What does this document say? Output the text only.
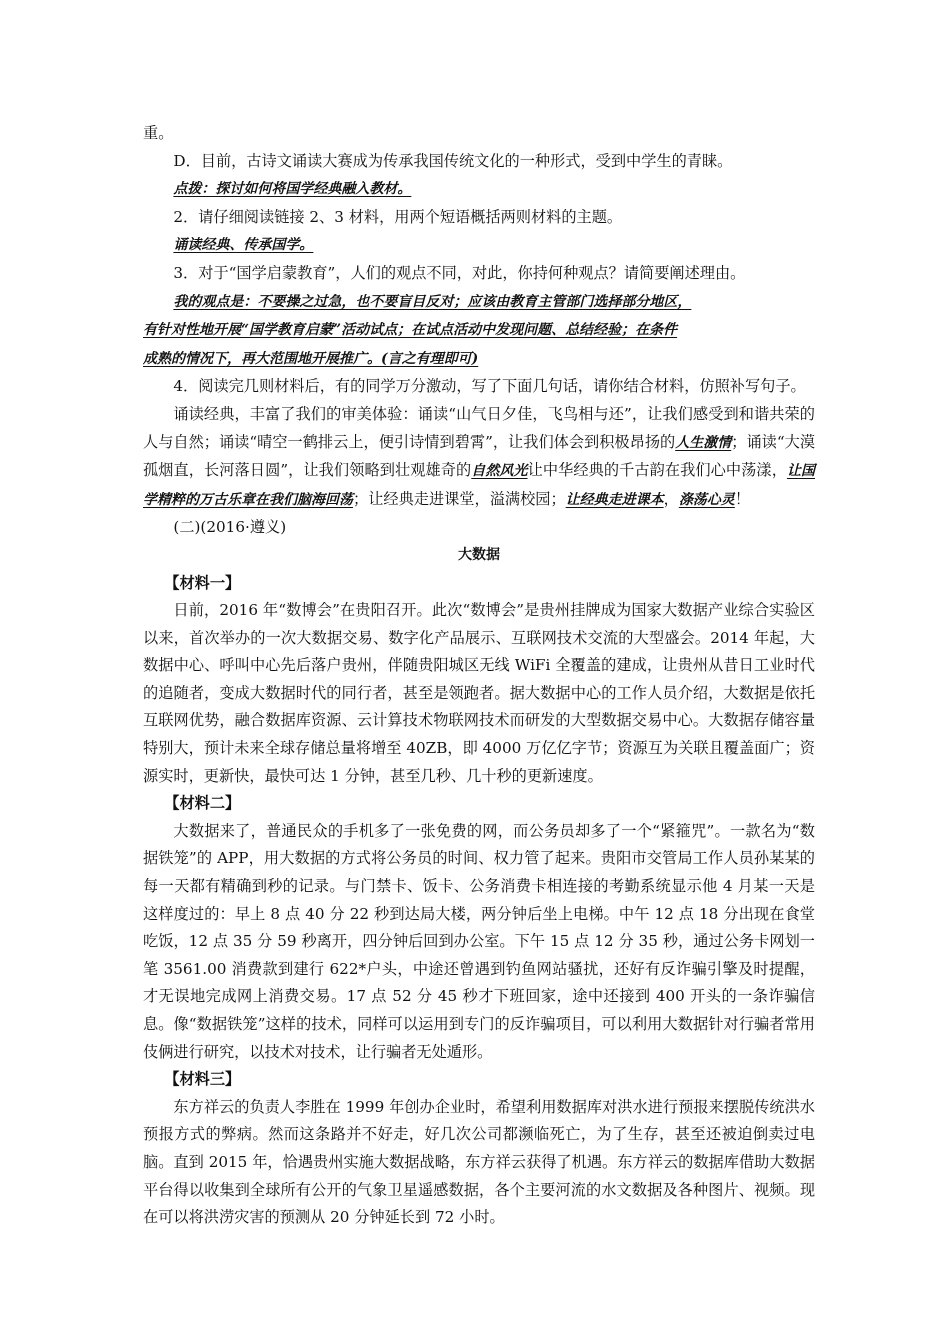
重。

D．目前，古诗文诵读大赛成为传承我国传统文化的一种形式，受到中学生的青睐。

点拨：探讨如何将国学经典融入教材。

2．请仔细阅读链接 2、3 材料，用两个短语概括两则材料的主题。

诵读经典、传承国学。

3．对于“国学启蒙教育”，人们的观点不同，对此，你持何种观点？请简要阐述理由。

我的观点是：不要操之过急，也不要盲目反对；应该由教育主管部门选择部分地区，

有针对性地开展“国学教育启蒙”活动试点；在试点活动中发现问题、总结经验；在条件

成熟的情况下，再大范围地开展推广。(言之有理即可)

4．阅读完几则材料后，有的同学万分激动，写了下面几句话，请你结合材料，仿照补写句子。

诵读经典，丰富了我们的审美体验：诵读“山气日夕佳，飞鸟相与还”，让我们感受到和谐共荣的人与自然；诵读“晴空一鹤排云上，便引诗情到碧霄”，让我们体会到积极昂扬的人生激情；诵读“大漠孤烟直，长河落日圆”，让我们领略到壮观雄奇的自然风光让中华经典的千古韵在我们心中荡漾，让国学精粹的万古乐章在我们脑海回荡；让经典走进课堂，溢满校园；让经典走进课本，涤荡心灵！

(二)(2016·遵义)

大数据

【材料一】

日前，2016 年“数博会”在贵阳召开。此次“数博会”是贵州挂牌成为国家大数据产业综合实验区以来，首次举办的一次大数据交易、数字化产品展示、互联网技术交流的大型盛会。2014 年起，大数据中心、呼叫中心先后落户贵州，伴随贵阳城区无线 WiFi 全覆盖的建成，让贵州从昔日工业时代的追随者，变成大数据时代的同行者，甚至是领跑者。据大数据中心的工作人员介绍，大数据是依托互联网优势，融合数据库资源、云计算技术物联网技术而研发的大型数据交易中心。大数据存储容量特别大，预计未来全球存储总量将增至 40ZB，即 4000 万亿亿字节；资源互为关联且覆盖面广；资源实时，更新快，最快可达 1 分钟，甚至几秒、几十秒的更新速度。

【材料二】

大数据来了，普通民众的手机多了一张免费的网，而公务员却多了一个“紧箍咒”。一款名为“数据铁笼”的 APP，用大数据的方式将公务员的时间、权力管了起来。贵阳市交管局工作人员孙某某的每一天都有精确到秒的记录。与门禁卡、饭卡、公务消费卡相连接的考勤系统显示他 4 月某一天是这样度过的：早上 8 点 40 分 22 秒到达局大楼，两分钟后坐上电梯。中午 12 点 18 分出现在食堂吃饭，12 点 35 分 59 秒离开，四分钟后回到办公室。下午 15 点 12 分 35 秒，通过公务卡网划一笔 3561.00 消费款到建行 622*户头，中途还曾遇到钓鱼网站骚扰，还好有反诈骗引擎及时提醒，才无误地完成网上消费交易。17 点 52 分 45 秒才下班回家，途中还接到 400 开头的一条诈骗信息。像“数据铁笼”这样的技术，同样可以运用到专门的反诈骗项目，可以利用大数据针对行骗者常用伎俩进行研究，以技术对技术，让行骗者无处遁形。

【材料三】

东方祥云的负责人李胜在 1999 年创办企业时，希望利用数据库对洪水进行预报来摆脱传统洪水预报方式的弊病。然而这条路并不好走，好几次公司都濒临死亡，为了生存，甚至还被迫倒卖过电脑。直到 2015 年，恰遇贵州实施大数据战略，东方祥云获得了机遇。东方祥云的数据库借助大数据平台得以收集到全球所有公开的气象卫星遥感数据，各个主要河流的水文数据及各种图片、视频。现在可以将洪涝灾害的预测从 20 分钟延长到 72 小时。
